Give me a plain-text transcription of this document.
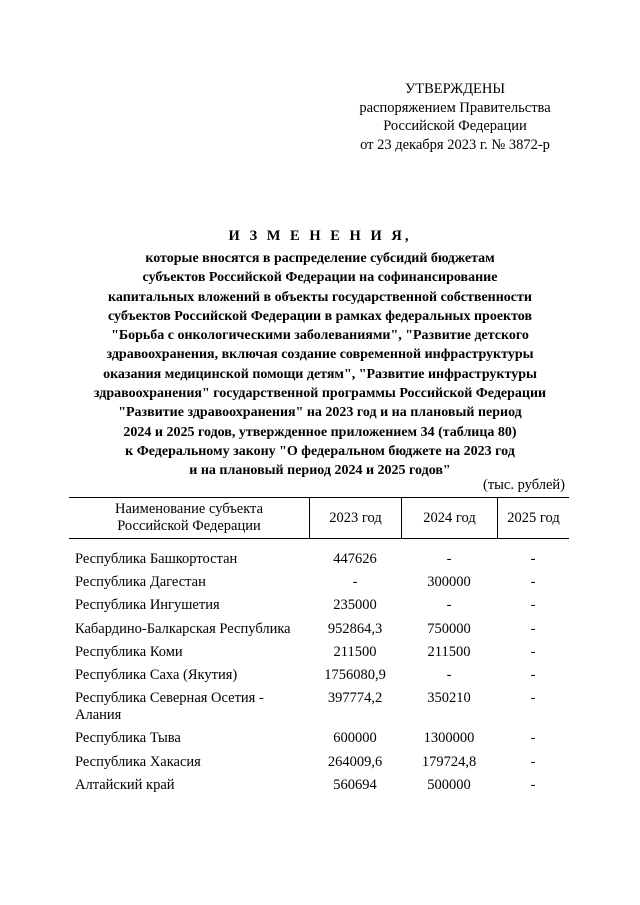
УТВЕРЖДЕНЫ
распоряжением Правительства
Российской Федерации
от 23 декабря 2023 г. № 3872-р
И З М Е Н Е Н И Я,
которые вносятся в распределение субсидий бюджетам
субъектов Российской Федерации на софинансирование
капитальных вложений в объекты государственной собственности
субъектов Российской Федерации в рамках федеральных проектов
"Борьба с онкологическими заболеваниями", "Развитие детского
здравоохранения, включая создание современной инфраструктуры
оказания медицинской помощи детям", "Развитие инфраструктуры
здравоохранения" государственной программы Российской Федерации
"Развитие здравоохранения" на 2023 год и на плановый период
2024 и 2025 годов, утвержденное приложением 34 (таблица 80)
к Федеральному закону "О федеральном бюджете на 2023 год
и на плановый период 2024 и 2025 годов"
(тыс. рублей)
Наименование субъекта
Российской Федерации
2023 год	2024 год	2025 год
Республика Башкортостан	447626	-	-
Республика Дагестан	-	300000	-
Республика Ингушетия	235000	-	-
Кабардино-Балкарская Республика	952864,3	750000	-
Республика Коми	211500	211500	-
Республика Саха (Якутия)	1756080,9	-	-
Республика Северная Осетия -
Алания
397774,2	350210	-
Республика Тыва	600000	1300000	-
Республика Хакасия	264009,6	179724,8	-
Алтайский край	560694	500000	-
